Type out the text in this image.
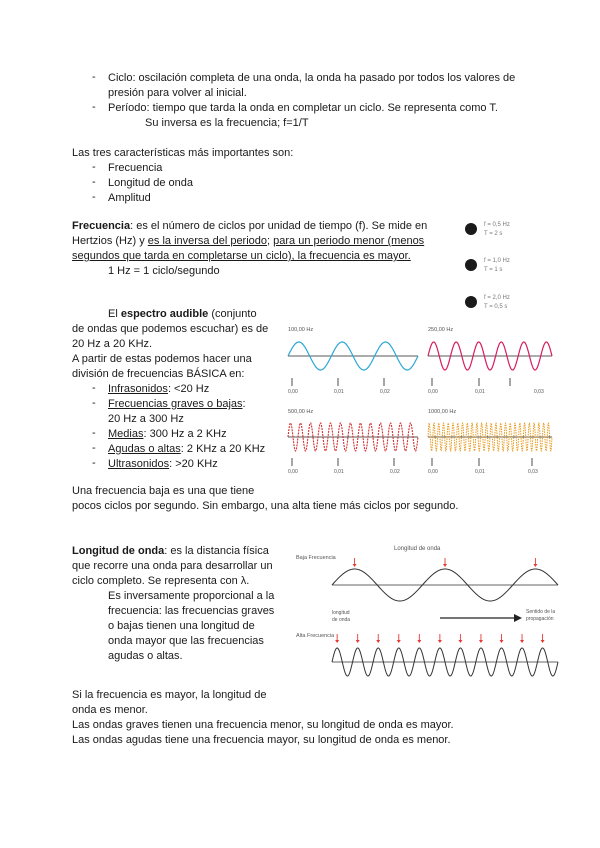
- Ciclo: oscilación completa de una onda, la onda ha pasado por todos los valores de
presión para volver al inicial.
- Período: tiempo que tarda la onda en completar un ciclo. Se representa como T.
Su inversa es la frecuencia; f=1/T
Las tres características más importantes son:
- Frecuencia
- Longitud de onda
- Amplitud
Frecuencia: es el número de ciclos por unidad de tiempo (f). Se mide en
Hertzios (Hz) y es la inversa del periodo; para un periodo menor (menos
segundos que tarda en completarse un ciclo), la frecuencia es mayor.
1 Hz = 1 ciclo/segundo
f = 0,5 Hz
T = 2 s
f = 1,0 Hz
T = 1 s
f = 2,0 Hz
T = 0,5 s
El espectro audible (conjunto
de ondas que podemos escuchar) es de
20 Hz a 20 KHz.
A partir de estas podemos hacer una
división de frecuencias BÁSICA en:
- Infrasonidos: <20 Hz
- Frecuencias graves o bajas:
20 Hz a 300 Hz
- Medias: 300 Hz a 2 KHz
- Agudas o altas: 2 KHz a 20 KHz
- Ultrasonidos: >20 KHz
100,00 Hz	250,00 Hz
500,00 Hz	1000,00 Hz
0,00	0,01	0,02	0,00	0,01	0,03
0,00	0,01	0,02	0,00	0,01	0,03
Una frecuencia baja es una que tiene
pocos ciclos por segundo. Sin embargo, una alta tiene más ciclos por segundo.
Longitud de onda: es la distancia física
que recorre una onda para desarrollar un
ciclo completo. Se representa con λ.
Es inversamente proporcional a la
frecuencia: las frecuencias graves
o bajas tienen una longitud de
onda mayor que las frecuencias
agudas o altas.
Longitud de onda
Baja Frecuencia
longitud
de onda
Sentido de la
propagación
Alta Frecuencia
Si la frecuencia es mayor, la longitud de
onda es menor.
Las ondas graves tienen una frecuencia menor, su longitud de onda es mayor.
Las ondas agudas tiene una frecuencia mayor, su longitud de onda es menor.
